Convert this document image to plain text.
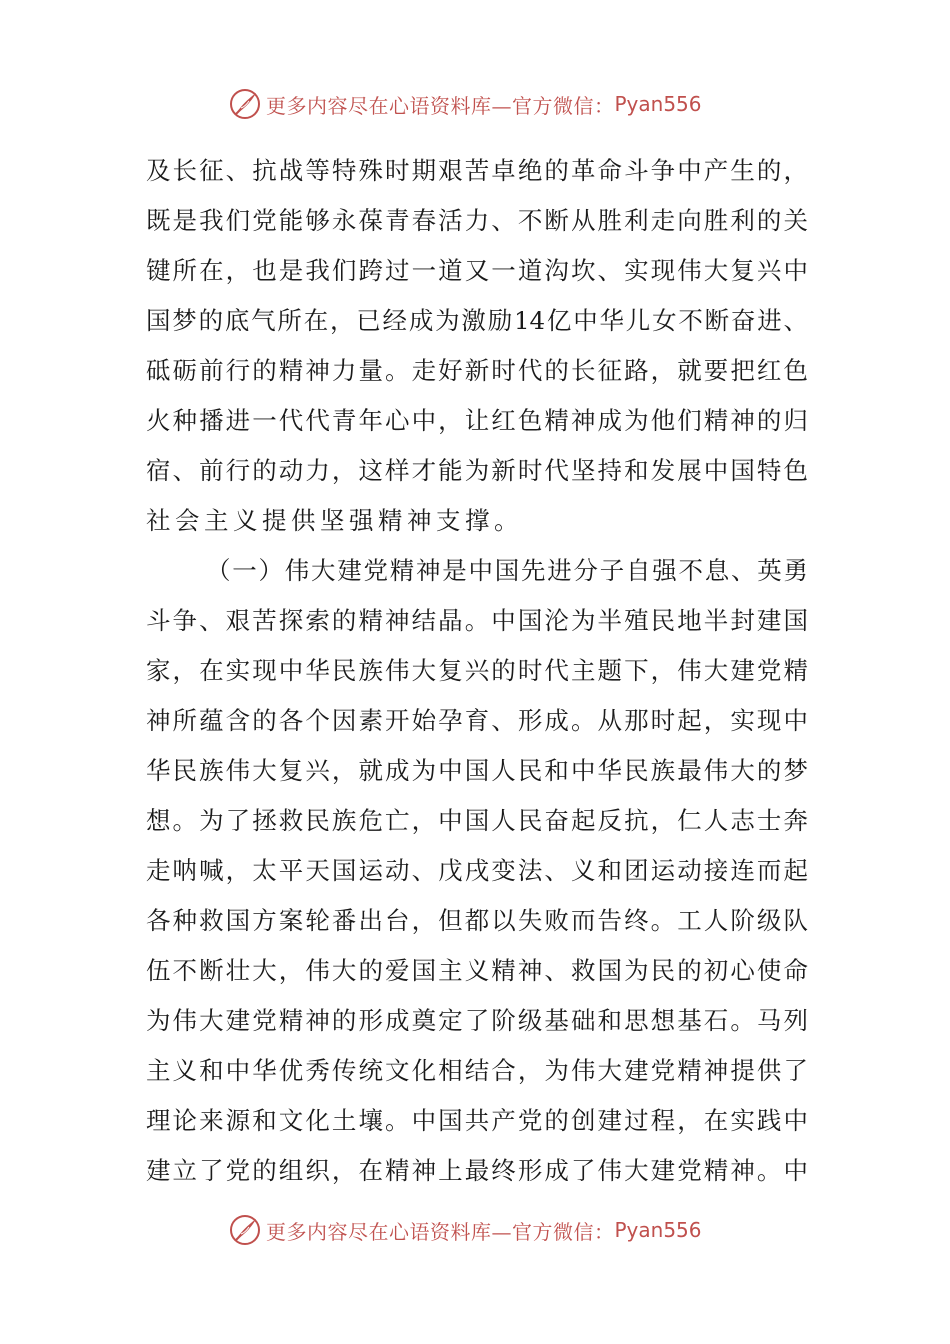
更多内容尽在心语资料库—官方微信： Pyan556
及长征、抗战等特殊时期艰苦卓绝的革命斗争中产生的，
既是我们党能够永葆青春活力、不断从胜利走向胜利的关
键所在，也是我们跨过一道又一道沟坎、实现伟大复兴中
国梦的底气所在，已经成为激励14亿中华儿女不断奋进、
砥砺前行的精神力量。走好新时代的长征路，就要把红色
火种播进一代代青年心中，让红色精神成为他们精神的归
宿、前行的动力，这样才能为新时代坚持和发展中国特色
社会主义提供坚强精神支撑。
（一）伟大建党精神是中国先进分子自强不息、英勇
斗争、艰苦探索的精神结晶。中国沦为半殖民地半封建国
家，在实现中华民族伟大复兴的时代主题下，伟大建党精
神所蕴含的各个因素开始孕育、形成。从那时起，实现中
华民族伟大复兴，就成为中国人民和中华民族最伟大的梦
想。为了拯救民族危亡，中国人民奋起反抗，仁人志士奔
走呐喊，太平天国运动、戊戌变法、义和团运动接连而起
各种救国方案轮番出台，但都以失败而告终。工人阶级队
伍不断壮大，伟大的爱国主义精神、救国为民的初心使命
为伟大建党精神的形成奠定了阶级基础和思想基石。马列
主义和中华优秀传统文化相结合，为伟大建党精神提供了
理论来源和文化土壤。中国共产党的创建过程，在实践中
建立了党的组织，在精神上最终形成了伟大建党精神。中
更多内容尽在心语资料库—官方微信： Pyan556
